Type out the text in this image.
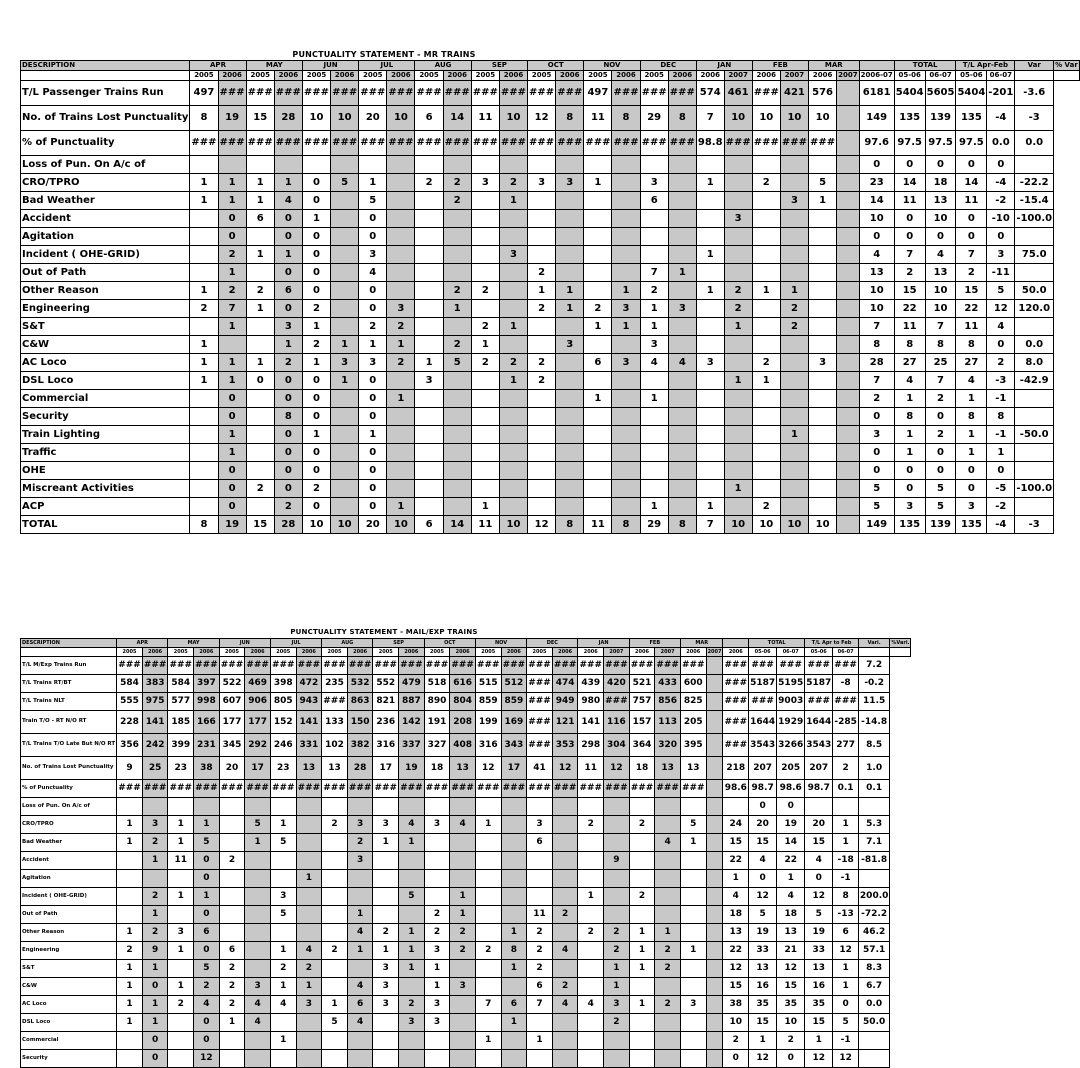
PUNCTUALITY STATEMENT - MR TRAINS
DESCRIPTION	APR		MAY		JUN		JUL		AUG		SEP		OCT		NOV		DEC		JAN		FEB		MAR			TOTAL		T/L Apr-Feb		Var	% Var
	2005	2006	2005	2006	2005	2006	2005	2006	2005	2006	2005	2006	2005	2006	2005	2006	2005	2006	2006	2007	2006	2007	2006	2007	2006-07	05-06	06-07	05-06	06-07		
T/L Passenger Trains Run	497	###	###	###	###	###	###	###	###	###	###	###	###	###	497	###	###	###	574	461	###	421	576		6181	5404	5605	5404	-201	-3.6	
No. of Trains Lost Punctuality	8	19	15	28	10	10	20	10	6	14	11	10	12	8	11	8	29	8	7	10	10	10	10		149	135	139	135	-4	-3	
% of Punctuality	###	###	###	###	###	###	###	###	###	###	###	###	###	###	###	###	###	###	98.8	###	###	###	###		97.6	97.5	97.5	97.5	0.0	0.0	
Loss of Pun. On A/c of																									0	0	0	0	0		
CRO/TPRO	1	1	1	1	0	5	1		2	2	3	2	3	3	1		3		1		2		5		23	14	18	14	-4	-22.2	
Bad Weather	1	1	1	4	0		5			2		1					6					3	1		14	11	13	11	-2	-15.4	
Accident		0	6	0	1		0													3					10	0	10	0	-10	-100.0	
Agitation		0		0	0		0																		0	0	0	0	0		
Incident ( OHE-GRID)		2	1	1	0		3					3							1						4	7	4	7	3	75.0	
Out of Path		1		0	0		4						2				7	1							13	2	13	2	-11		
Other Reason	1	2	2	6	0		0			2	2		1	1		1	2		1	2	1	1			10	15	10	15	5	50.0	
Engineering	2	7	1	0	2		0	3		1			2	1	2	3	1	3		2		2			10	22	10	22	12	120.0	
S&T		1		3	1		2	2			2	1			1	1	1			1		2			7	11	7	11	4		
C&W	1			1	2	1	1	1		2	1			3			3								8	8	8	8	0	0.0	
AC Loco	1	1	1	2	1	3	3	2	1	5	2	2	2		6	3	4	4	3		2		3		28	27	25	27	2	8.0	
DSL Loco	1	1	0	0	0	1	0		3			1	2							1	1				7	4	7	4	-3	-42.9	
Commercial		0		0	0		0	1							1		1								2	1	2	1	-1		
Security		0		8	0		0																		0	8	0	8	8		
Train Lighting		1		0	1		1															1			3	1	2	1	-1	-50.0	
Traffic		1		0	0		0																		0	1	0	1	1		
OHE		0		0	0		0																		0	0	0	0	0		
Miscreant Activities		0	2	0	2		0													1					5	0	5	0	-5	-100.0	
ACP		0		2	0		0	1			1						1		1		2				5	3	5	3	-2		
TOTAL	8	19	15	28	10	10	20	10	6	14	11	10	12	8	11	8	29	8	7	10	10	10	10		149	135	139	135	-4	-3	
PUNCTUALITY STATEMENT - MAIL/EXP TRAINS
DESCRIPTION	APR		MAY		JUN		JUL		AUG		SEP		OCT		NOV		DEC		JAN		FEB		MAR			TOTAL		T/L Apr to Feb		Vari.	%Vari.
	2005	2006	2005	2006	2005	2006	2005	2006	2005	2006	2005	2006	2005	2006	2005	2006	2005	2006	2006	2007	2006	2007	2006	2007	2006	05-06	06-07	05-06	06-07		
T/L M/Exp Trains Run	###	###	###	###	###	###	###	###	###	###	###	###	###	###	###	###	###	###	###	###	###	###	###		###	###	###	###	###	7.2	
T/L Trains RT/BT	584	383	584	397	522	469	398	472	235	532	552	479	518	616	515	512	###	474	439	420	521	433	600		###	5187	5195	5187	-8	-0.2	
T/L Trains NLT	555	975	577	998	607	906	805	943	###	863	821	887	890	804	859	859	###	949	980	###	757	856	825		###	###	9003	###	###	11.5	
Train T/O - RT N/O RT	228	141	185	166	177	177	152	141	133	150	236	142	191	208	199	169	###	121	141	116	157	113	205		###	1644	1929	1644	-285	-14.8	
T/L Trains T/O Late But N/O RT	356	242	399	231	345	292	246	331	102	382	316	337	327	408	316	343	###	353	298	304	364	320	395		###	3543	3266	3543	277	8.5	
No. of Trains Lost Punctuality	9	25	23	38	20	17	23	13	13	28	17	19	18	13	12	17	41	12	11	12	18	13	13		218	207	205	207	2	1.0	
% of Punctuality	###	###	###	###	###	###	###	###	###	###	###	###	###	###	###	###	###	###	###	###	###	###	###		98.6	98.7	98.6	98.7	0.1	0.1	
Loss of Pun. On A/c of																										0	0				
CRO/TPRO	1	3	1	1		5	1		2	3	3	4	3	4	1		3		2		2		5		24	20	19	20	1	5.3	
Bad Weather	1	2	1	5		1	5			2	1	1					6					4	1		15	15	14	15	1	7.1	
Accident		1	11	0	2					3										9					22	4	22	4	-18	-81.8	
Agitation				0				1																	1	0	1	0	-1		
Incident ( OHE-GRID)		2	1	1			3					5		1					1		2				4	12	4	12	8	200.0	
Out of Path		1		0			5			1			2	1			11	2							18	5	18	5	-13	-72.2	
Other Reason	1	2	3	6						4	2	1	2	2		1	2		2	2	1	1			13	19	13	19	6	46.2	
Engineering	2	9	1	0	6		1	4	2	1	1	1	3	2	2	8	2	4		2	1	2	1		22	33	21	33	12	57.1	
S&T	1	1		5	2		2	2			3	1	1			1	2			1	1	2			12	13	12	13	1	8.3	
C&W	1	0	1	2	2	3	1	1		4	3		1	3			6	2		1					15	16	15	16	1	6.7	
AC Loco	1	1	2	4	2	4	4	3	1	6	3	2	3		7	6	7	4	4	3	1	2	3		38	35	35	35	0	0.0	
DSL Loco	1	1		0	1	4			5	4		3	3			1				2					10	15	10	15	5	50.0	
Commercial		0		0			1								1		1								2	1	2	1	-1		
Security		0		12																					0	12	0	12	12		
